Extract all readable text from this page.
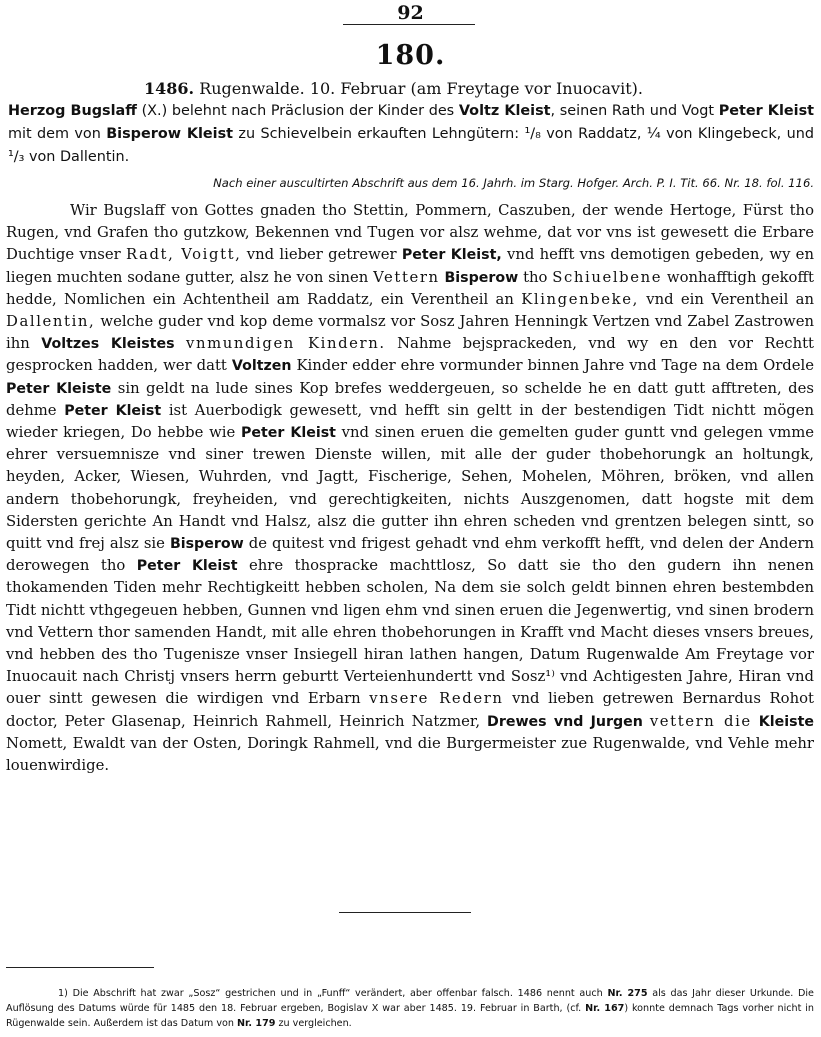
92
180.
1486. Rugenwalde. 10. Februar (am Freytage vor Inuocavit).
Herzog Bugslaff (X.) belehnt nach Präclusion der Kinder des Voltz Kleist, seinen Rath und Vogt Peter Kleist mit dem von Bisperow Kleist zu Schievelbein erkauften Lehngütern: ¹/₈ von Raddatz, ¼ von Klingebeck, und ¹/₃ von Dallentin.
Nach einer auscultirten Abschrift aus dem 16. Jahrh. im Starg. Hofger. Arch. P. I. Tit. 66. Nr. 18. fol. 116.

Wir Bugslaff von Gottes gnaden tho Stettin, Pommern, Caszuben, der wende Hertoge, Fürst tho Rugen, vnd Grafen tho gutzkow, Bekennen vnd Tugen vor alsz wehme, dat vor vns ist gewesett die Erbare Duchtige vnser Radt, Voigtt, vnd lieber getrewer Peter Kleist, vnd hefft vns demotigen gebeden, wy en liegen muchten sodane gutter, alsz he von sinen Vettern Bisperow tho Schiuelbene wonhafftigh gekofft hedde, Nomlichen ein Achtentheil am Raddatz, ein Verentheil an Klingenbeke, vnd ein Verentheil an Dallentin, welche guder vnd kop deme vormalsz vor Sosz Jahren Henningk Vertzen vnd Zabel Zastrowen ihn Voltzes Kleistes vnmundigen Kindern. Nahme bejsprackeden, vnd wy en den vor Rechtt gesprocken hadden, wer datt Voltzen Kinder edder ehre vormunder binnen Jahre vnd Tage na dem Ordele Peter Kleiste sin geldt na lude sines Kop brefes weddergeuen, so schelde he en datt gutt afftreten, des dehme Peter Kleist ist Auerbodigk gewesett, vnd hefft sin geltt in der bestendigen Tidt nichtt mögen wieder kriegen, Do hebbe wie Peter Kleist vnd sinen eruen die gemelten guder guntt vnd gelegen vmme ehrer versuemnisze vnd siner trewen Dienste willen, mit alle der guder thobehorungk an holtungk, heyden, Acker, Wiesen, Wuhrden, vnd Jagtt, Fischerige, Sehen, Mohelen, Möhren, bröken, vnd allen andern thobehorungk, freyheiden, vnd gerechtigkeiten, nichts Auszgenomen, datt hogste mit dem Sidersten gerichte An Handt vnd Halsz, alsz die gutter ihn ehren scheden vnd grentzen belegen sintt, so quitt vnd frej alsz sie Bisperow de quitest vnd frigest gehadt vnd ehm verkofft hefft, vnd delen der Andern derowegen tho Peter Kleist ehre thospracke machttlosz, So datt sie tho den gudern ihn nenen thokamenden Tiden mehr Rechtigkeitt hebben scholen, Na dem sie solch geldt binnen ehren bestembden Tidt nichtt vthgegeuen hebben, Gunnen vnd ligen ehm vnd sinen eruen die Jegenwertig, vnd sinen brodern vnd Vettern thor samenden Handt, mit alle ehren thobehorungen in Krafft vnd Macht dieses vnsers breues, vnd hebben des tho Tugenisze vnser Insiegell hiran lathen hangen, Datum Rugenwalde Am Freytage vor Inuocauit nach Christj vnsers herrn geburtt Verteienhundertt vnd Sosz¹⁾ vnd Achtigesten Jahre, Hiran vnd ouer sintt gewesen die wirdigen vnd Erbarn vnsere Redern vnd lieben getrewen Bernardus Rohot doctor, Peter Glasenap, Heinrich Rahmell, Heinrich Natzmer, Drewes vnd Jurgen vettern die Kleiste Nomett, Ewaldt van der Osten, Doringk Rahmell, vnd die Burgermeister zue Rugenwalde, vnd Vehle mehr louenwirdige.

1) Die Abschrift hat zwar „Sosz“ gestrichen und in „Funff“ verändert, aber offenbar falsch. 1486 nennt auch Nr. 275 als das Jahr dieser Urkunde. Die Auflösung des Datums würde für 1485 den 18. Februar ergeben, Bogislav X war aber 1485. 19. Februar in Barth, (cf. Nr. 167) konnte demnach Tags vorher nicht in Rügenwalde sein. Außerdem ist das Datum von Nr. 179 zu vergleichen.
